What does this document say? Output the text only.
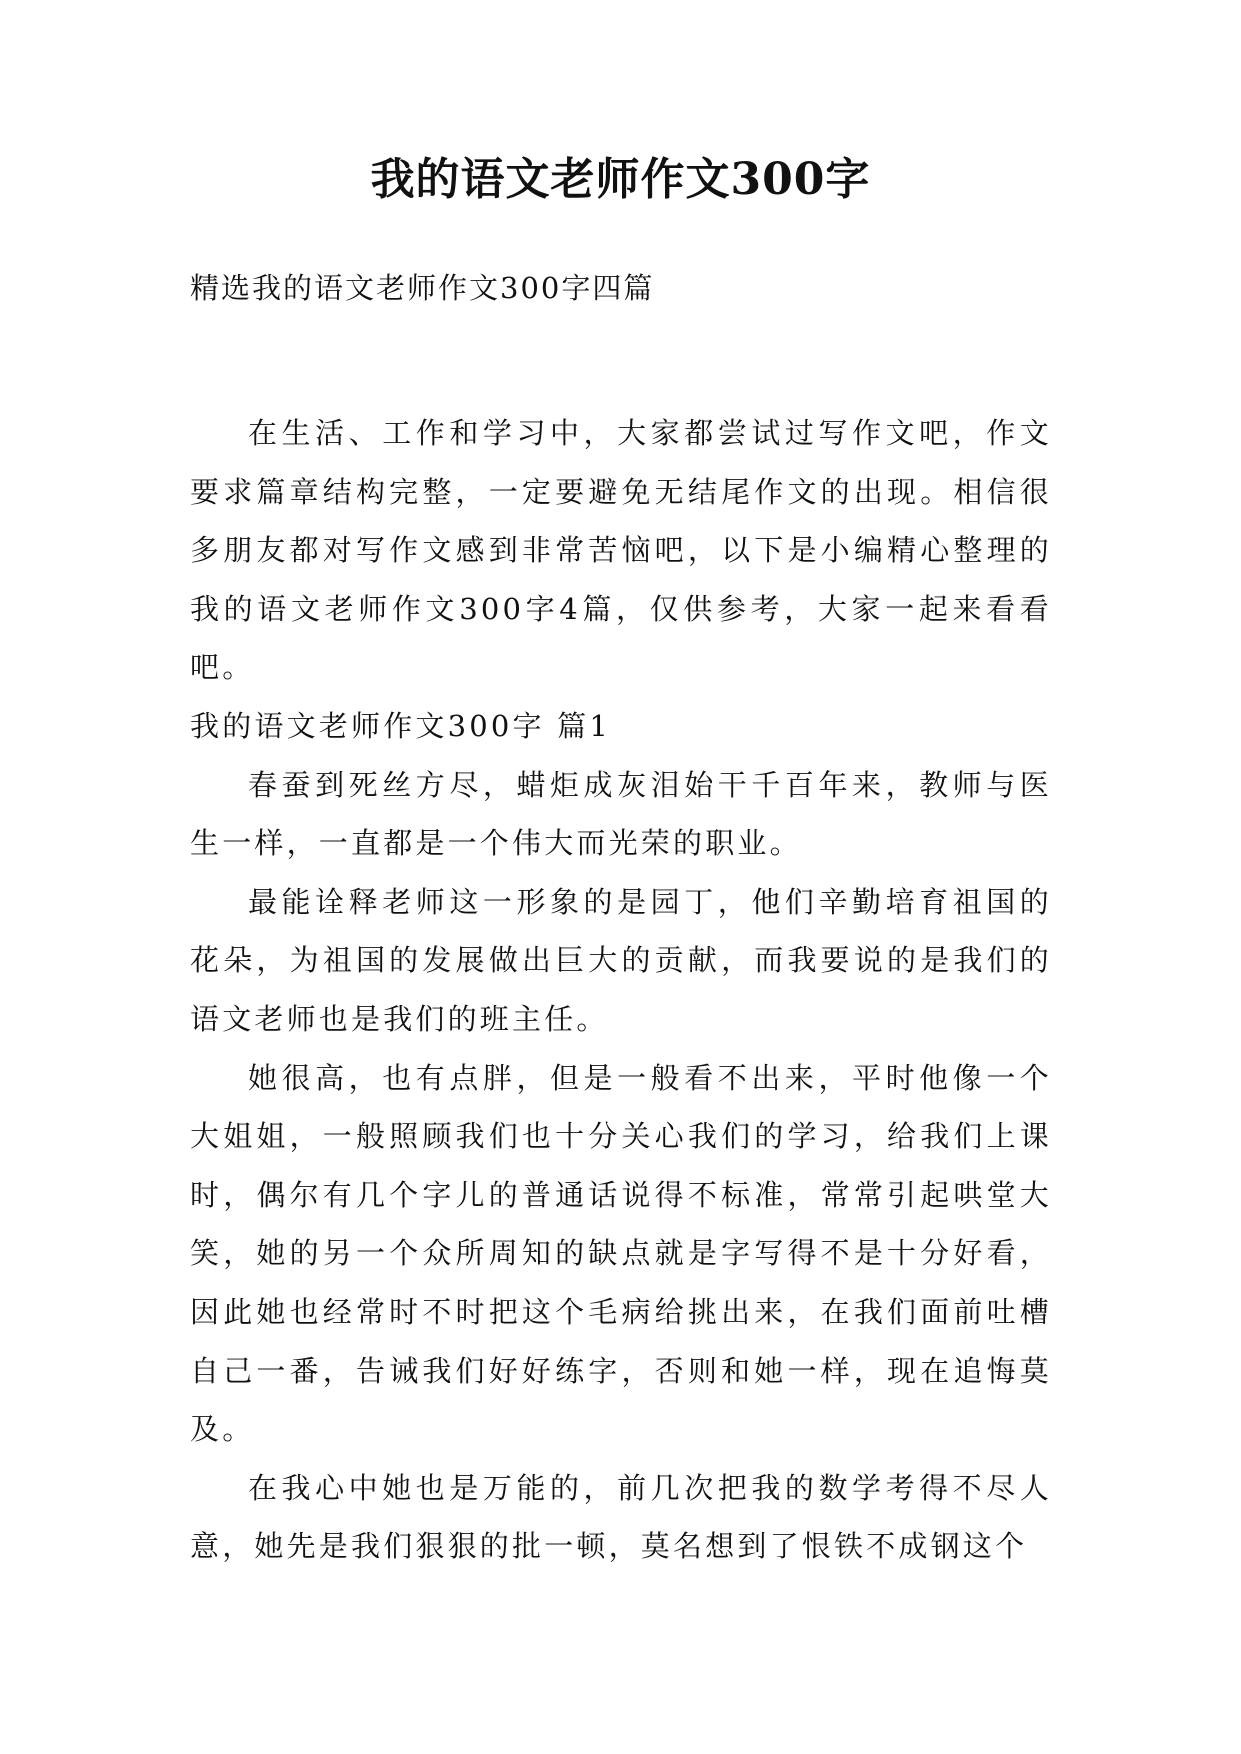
我的语文老师作文300字
精选我的语文老师作文300字四篇

在生活、工作和学习中，大家都尝试过写作文吧，作文要求篇章结构完整，一定要避免无结尾作文的出现。相信很多朋友都对写作文感到非常苦恼吧，以下是小编精心整理的我的语文老师作文300字4篇，仅供参考，大家一起来看看吧。

我的语文老师作文300字 篇1

春蚕到死丝方尽，蜡炬成灰泪始干千百年来，教师与医生一样，一直都是一个伟大而光荣的职业。

最能诠释老师这一形象的是园丁，他们辛勤培育祖国的花朵，为祖国的发展做出巨大的贡献，而我要说的是我们的语文老师也是我们的班主任。

她很高，也有点胖，但是一般看不出来，平时他像一个大姐姐，一般照顾我们也十分关心我们的学习，给我们上课时，偶尔有几个字儿的普通话说得不标准，常常引起哄堂大笑，她的另一个众所周知的缺点就是字写得不是十分好看，因此她也经常时不时把这个毛病给挑出来，在我们面前吐槽自己一番，告诫我们好好练字，否则和她一样，现在追悔莫及。

在我心中她也是万能的，前几次把我的数学考得不尽人意，她先是我们狠狠的批一顿，莫名想到了恨铁不成钢这个
